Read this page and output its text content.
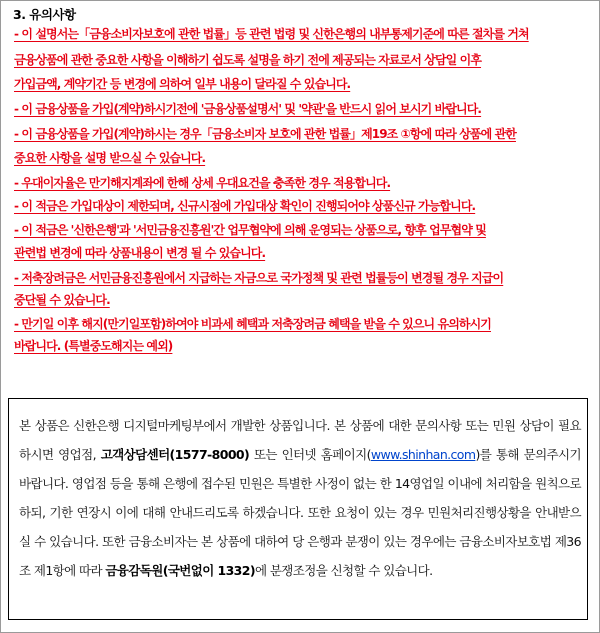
3. 유의사항
- 이 설명서는「금융소비자보호에 관한 법률」등 관련 법령 및 신한은행의 내부통제기준에 따른 절차를 거쳐
금융상품에 관한 중요한 사항을 이해하기 쉽도록 설명을 하기 전에 제공되는 자료로서 상담일 이후
가입금액, 계약기간 등 변경에 의하여 일부 내용이 달라질 수 있습니다.
- 이 금융상품을 가입(계약)하시기전에 '금융상품설명서' 및 '약관'을 반드시 읽어 보시기 바랍니다.
- 이 금융상품을 가입(계약)하시는 경우「금융소비자 보호에 관한 법률」제19조 ①항에 따라 상품에 관한
중요한 사항을 설명 받으실 수 있습니다.
- 우대이자율은 만기해지계좌에 한해 상세 우대요건을 충족한 경우 적용합니다.
- 이 적금은 가입대상이 제한되며, 신규시점에 가입대상 확인이 진행되어야 상품신규 가능합니다.
- 이 적금은 '신한은행'과 '서민금융진흥원'간 업무협약에 의해 운영되는 상품으로, 향후 업무협약 및
관련법 변경에 따라 상품내용이 변경 될 수 있습니다.
- 저축장려금은 서민금융진흥원에서 지급하는 자금으로 국가정책 및 관련 법률등이 변경될 경우 지급이
중단될 수 있습니다.
- 만기일 이후 해지(만기일포함)하여야 비과세 혜택과 저축장려금 혜택을 받을 수 있으니 유의하시기
바랍니다. (특별중도해지는 예외)
본 상품은 신한은행 디지털마케팅부에서 개발한 상품입니다. 본 상품에 대한 문의사항 또는 민원 상담이 필요하시면 영업점, 고객상담센터(1577-8000) 또는 인터넷 홈페이지(www.shinhan.com)를 통해 문의주시기 바랍니다. 영업점 등을 통해 은행에 접수된 민원은 특별한 사정이 없는 한 14영업일 이내에 처리함을 원칙으로 하되, 기한 연장시 이에 대해 안내드리도록 하겠습니다. 또한 요청이 있는 경우 민원처리진행상황을 안내받으실 수 있습니다. 또한 금융소비자는 본 상품에 대하여 당 은행과 분쟁이 있는 경우에는 금융소비자보호법 제36조 제1항에 따라 금융감독원(국번없이 1332)에 분쟁조정을 신청할 수 있습니다.
